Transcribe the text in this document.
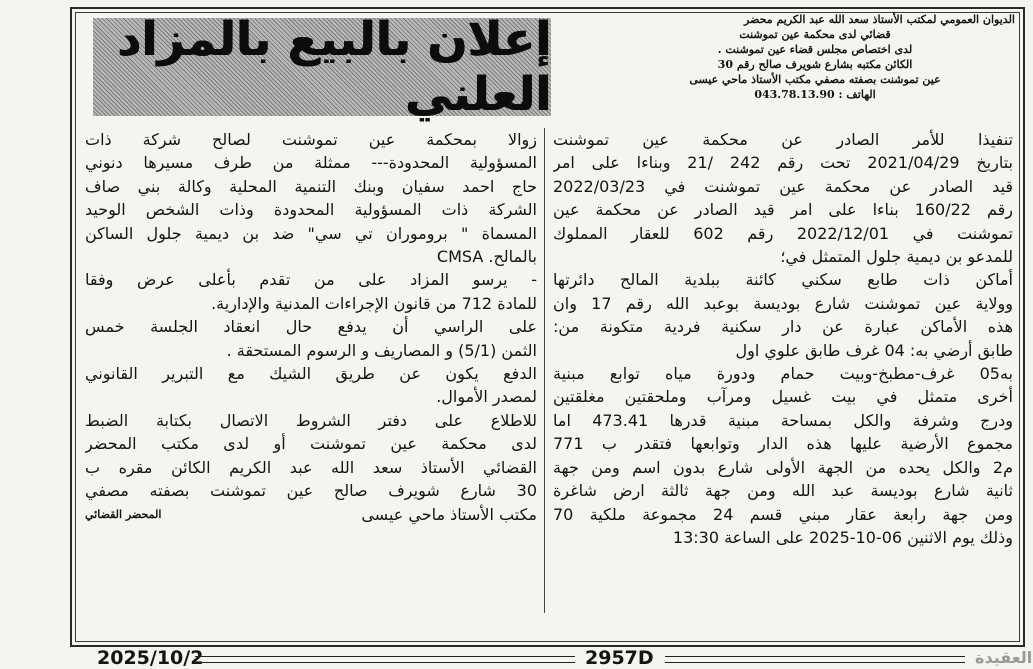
الديوان العمومي لمكتب الأستاذ سعد الله عبد الكريم محضر
قضائي لدى محكمة عين تموشنت
لدى اختصاص مجلس قضاء عين تموشنت .
الكائن مكتبه بشارع شويرف صالح رقم 30
عين تموشنت بصفته مصفي مكتب الأستاذ ماحي عيسى
الهاتف : 043.78.13.90
إعلان بالبيع بالمزاد العلني

تنفيذا للأمر الصادر عن محكمة عين تموشنت

بتاريخ 2021/04/29 تحت رقم 242 /21 وبناءا على امر

قيد الصادر عن محكمة عين تموشنت في 2022/03/23

رقم 160/22 بناءا على امر قيد الصادر عن محكمة عين

تموشنت في 2022/12/01 رقم 602 للعقار المملوك

للمدعو بن ديمية جلول المتمثل في؛

أماكن ذات طابع سكني كائنة ببلدية المالح دائرتها

وولاية عين تموشنت شارع بوديسة بوعبد الله رقم 17 وان

هذه الأماكن عبارة عن دار سكنية فردية متكونة من:

طابق أرضي به: 04 غرف طابق علوي اول

به05 غرف-مطبخ-وبيت حمام ودورة مياه توابع مبنية

أخرى متمثل في بيت غسيل ومرآب وملحقتين مغلقتين

ودرج وشرفة والكل بمساحة مبنية قدرها 473.41 اما

مجموع الأرضية عليها هذه الدار وتوابعها فتقدر ب 771

م2 والكل يحده من الجهة الأولى شارع بدون اسم ومن جهة

ثانية شارع بوديسة عبد الله ومن جهة ثالثة ارض شاغرة

ومن جهة رابعة عقار مبني قسم 24 مجموعة ملكية 70

وذلك يوم الاثنين 06-10-2025 على الساعة 13:30

زوالا بمحكمة عين تموشنت لصالح شركة ذات

المسؤولية المحدودة--- ممثلة من طرف مسيرها دنوني

حاج احمد سفيان وبنك التنمية المحلية وكالة بني صاف

الشركة ذات المسؤولية المحدودة وذات الشخص الوحيد

المسماة " بروموران تي سي" ضد بن ديمية جلول الساكن

بالمالح. CMSA

- يرسو المزاد على من تقدم بأعلى عرض وفقا

للمادة 712 من قانون الإجراءات المدنية والإدارية.

على الراسي أن يدفع حال انعقاد الجلسة خمس

الثمن (5/1) و المصاريف و الرسوم المستحقة .

الدفع يكون عن طريق الشيك مع التبرير القانوني

لمصدر الأموال.

للاطلاع على دفتر الشروط الاتصال بكتابة الضبط

لدى محكمة عين تموشنت أو لدى مكتب المحضر

القضائي الأستاذ سعد الله عبد الكريم الكائن مقره ب

30 شارع شويرف صالح عين تموشنت بصفته مصفي

مكتب الأستاذ ماحي عيسى

المحضر القضائي
2025/10/2	2957D	العقيدة
